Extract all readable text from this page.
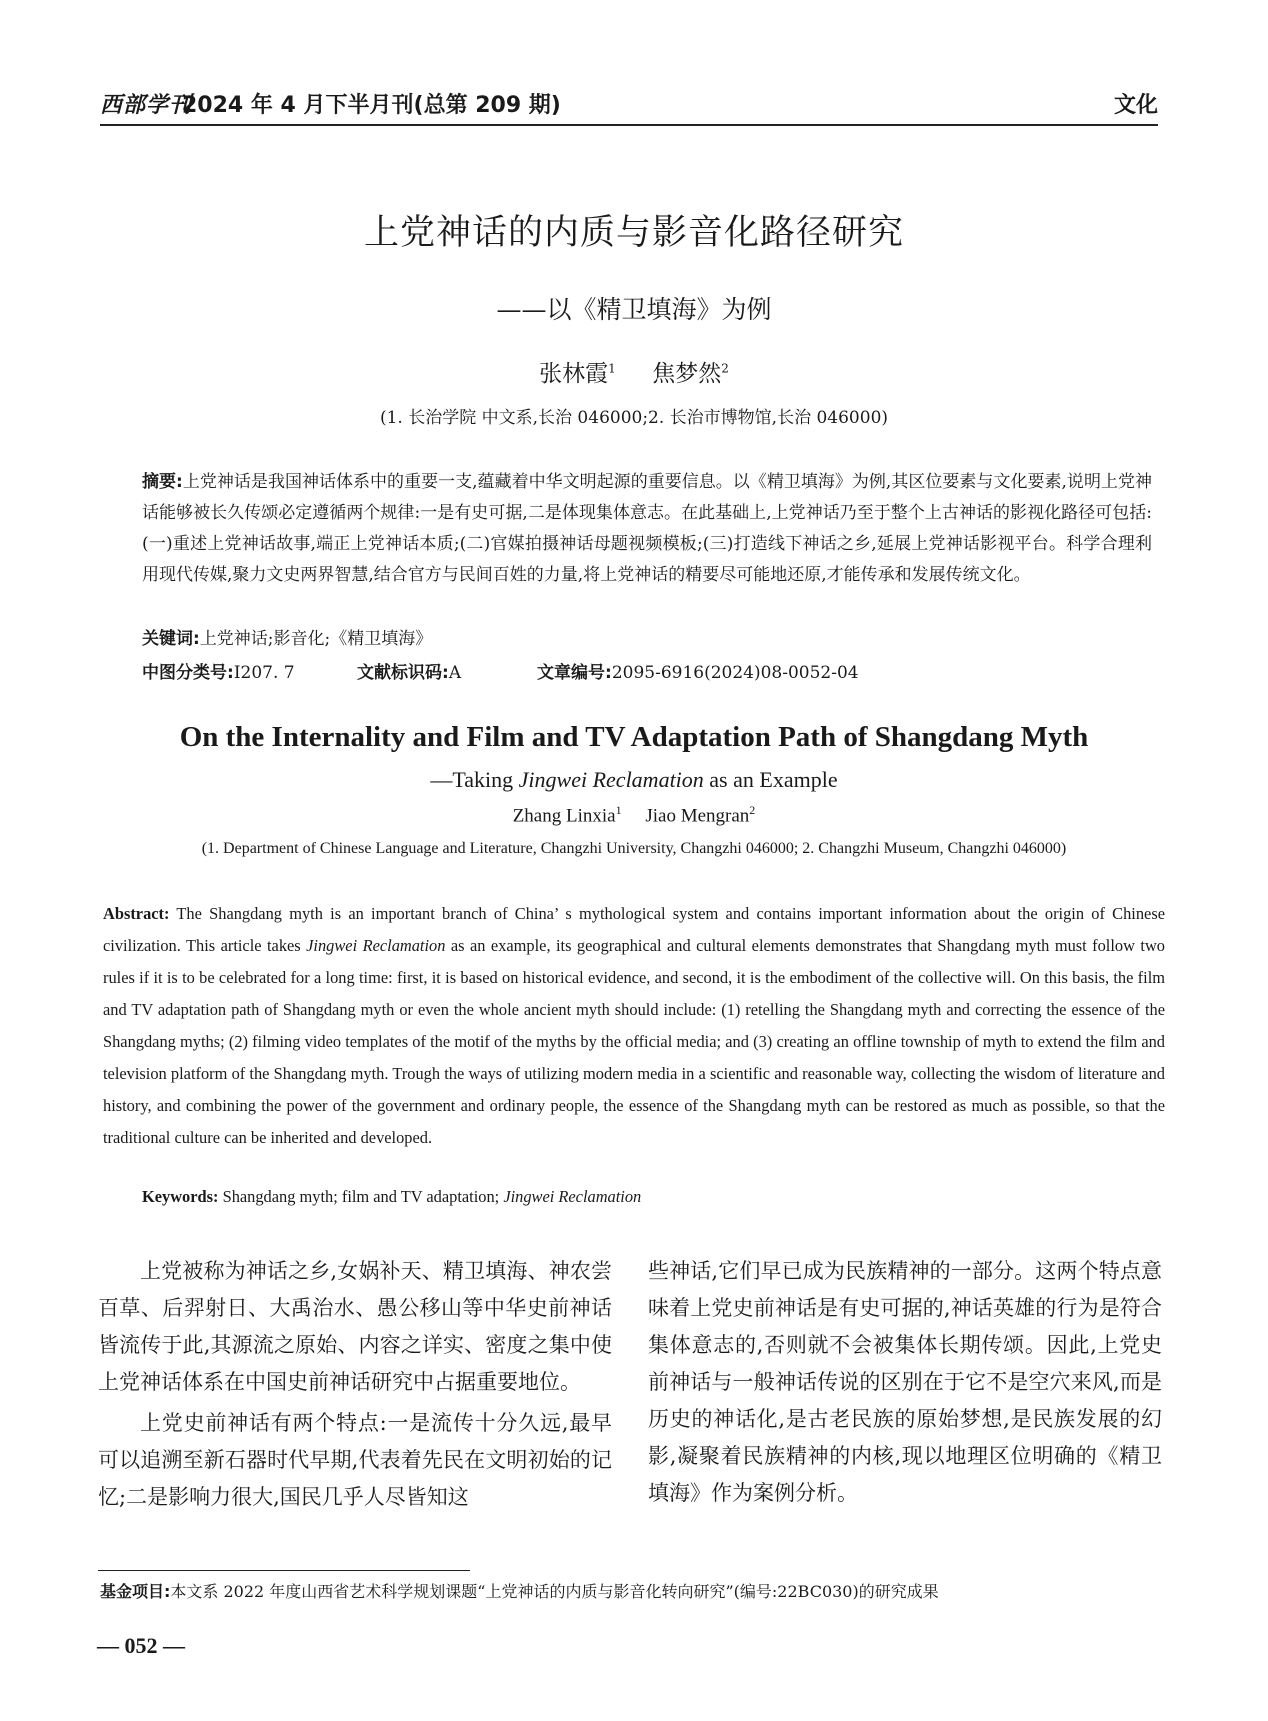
西部学刊
2024 年 4 月下半月刊(总第 209 期)	文化
上党神话的内质与影音化路径研究
——以《精卫填海》为例
张林霞$^1$ 焦梦然$^2$
(1. 长治学院 中文系,长治 046000;2. 长治市博物馆,长治 046000)
摘要:上党神话是我国神话体系中的重要一支,蕴藏着中华文明起源的重要信息。以《精卫填海》为例,其区位要素与文化要素,说明上党神话能够被长久传颂必定遵循两个规律:一是有史可据,二是体现集体意志。在此基础上,上党神话乃至于整个上古神话的影视化路径可包括:(一)重述上党神话故事,端正上党神话本质;(二)官媒拍摄神话母题视频模板;(三)打造线下神话之乡,延展上党神话影视平台。科学合理利用现代传媒,聚力文史两界智慧,结合官方与民间百姓的力量,将上党神话的精要尽可能地还原,才能传承和发展传统文化。
关键词:上党神话;影音化;《精卫填海》
中图分类号:I207. 7	文献标识码:A	文章编号:2095-6916(2024)08-0052-04
On the Internality and Film and TV Adaptation Path of Shangdang Myth
—Taking Jingwei Reclamation as an Example
Zhang Linxia$^1$ Jiao Mengran$^2$
(1. Department of Chinese Language and Literature, Changzhi University, Changzhi 046000; 2. Changzhi Museum, Changzhi 046000)
Abstract: The Shangdang myth is an important branch of China’ s mythological system and contains important information about the origin of Chinese civilization. This article takes Jingwei Reclamation as an example, its geographical and cultural elements demonstrates that Shangdang myth must follow two rules if it is to be celebrated for a long time: first, it is based on historical evidence, and second, it is the embodiment of the collective will. On this basis, the film and TV adaptation path of Shangdang myth or even the whole ancient myth should include: (1) retelling the Shangdang myth and correcting the essence of the Shangdang myths; (2) filming video templates of the motif of the myths by the official media; and (3) creating an offline township of myth to extend the film and television platform of the Shangdang myth. Trough the ways of utilizing modern media in a scientific and reasonable way, collecting the wisdom of literature and history, and combining the power of the government and ordinary people, the essence of the Shangdang myth can be restored as much as possible, so that the traditional culture can be inherited and developed.
Keywords: Shangdang myth; film and TV adaptation; Jingwei Reclamation

上党被称为神话之乡,女娲补天、精卫填海、神农尝百草、后羿射日、大禹治水、愚公移山等中华史前神话皆流传于此,其源流之原始、内容之详实、密度之集中使上党神话体系在中国史前神话研究中占据重要地位。

上党史前神话有两个特点:一是流传十分久远,最早可以追溯至新石器时代早期,代表着先民在文明初始的记忆;二是影响力很大,国民几乎人尽皆知这

些神话,它们早已成为民族精神的一部分。这两个特点意味着上党史前神话是有史可据的,神话英雄的行为是符合集体意志的,否则就不会被集体长期传颂。因此,上党史前神话与一般神话传说的区别在于它不是空穴来风,而是历史的神话化,是古老民族的原始梦想,是民族发展的幻影,凝聚着民族精神的内核,现以地理区位明确的《精卫填海》作为案例分析。

基金项目:本文系 2022 年度山西省艺术科学规划课题“上党神话的内质与影音化转向研究”(编号:22BC030)的研究成果
— 052 —
